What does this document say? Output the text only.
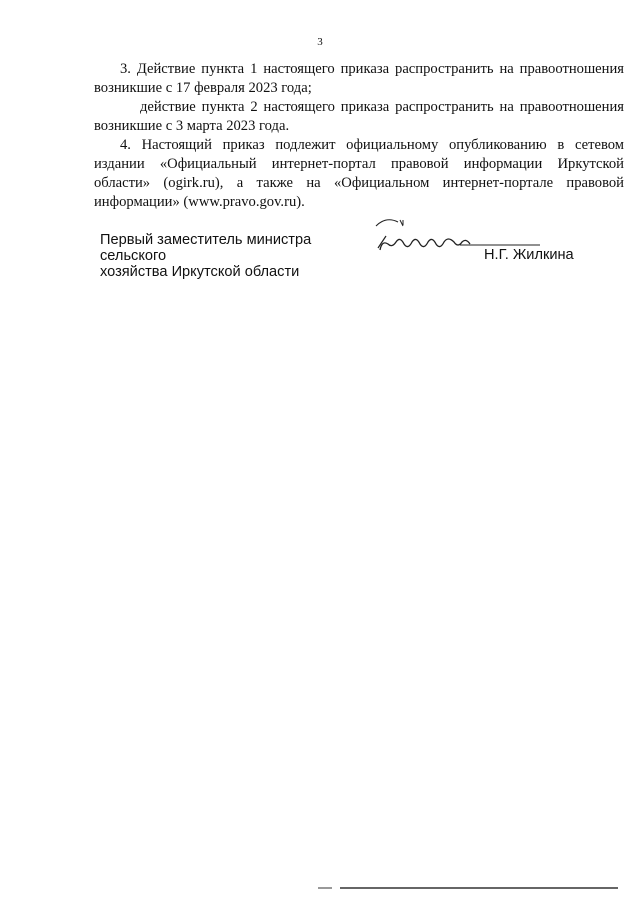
3

3. Действие пункта 1 настоящего приказа распространить на правоотношения

возникшие с 17 февраля 2023 года;

действие пункта 2 настоящего приказа распространить на правоотношения

возникшие с 3 марта 2023 года.

4. Настоящий приказ подлежит официальному опубликованию в сетевом

издании «Официальный интернет-портал правовой информации Иркутской

области» (ogirk.ru), а также на «Официальном интернет-портале правовой

информации» (www.pravo.gov.ru).

Первый заместитель министра сельского
хозяйства Иркутской области
Н.Г. Жилкина
